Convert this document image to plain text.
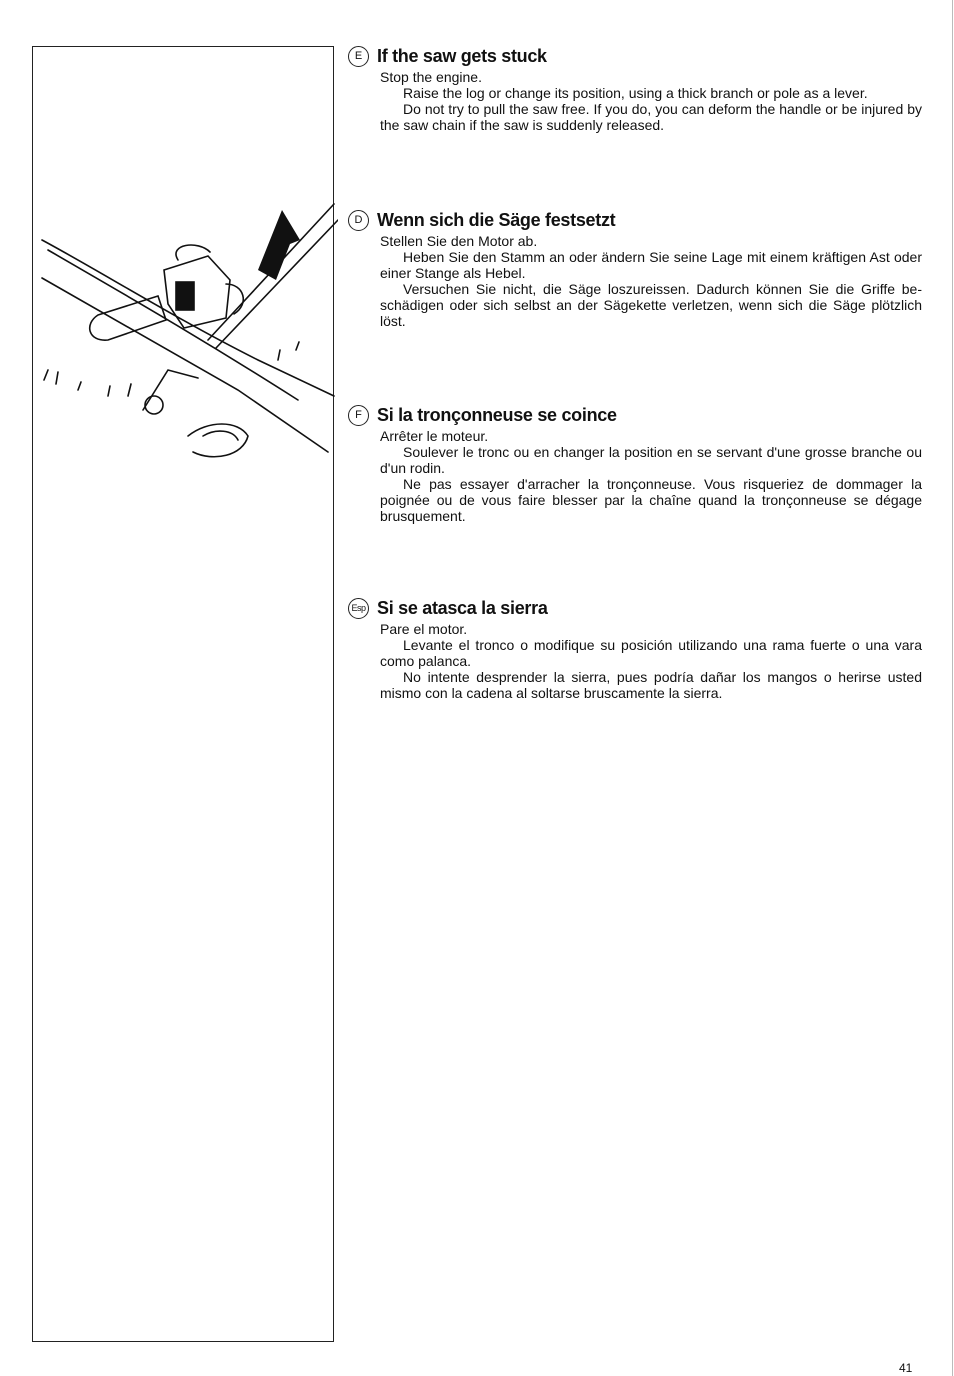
E If the saw gets stuck

Stop the engine.

Raise the log or change its position, using a thick branch or pole as a lever.

Do not try to pull the saw free. If you do, you can deform the handle or be injured by the saw chain if the saw is suddenly released.

D Wenn sich die Säge festsetzt

Stellen Sie den Motor ab.

Heben Sie den Stamm an oder ändern Sie seine Lage mit einem kräftigen Ast oder einer Stange als Hebel.

Versuchen Sie nicht, die Säge loszureissen. Dadurch können Sie die Griffe be-schädigen oder sich selbst an der Sägekette verletzen, wenn sich die Säge plötzlich löst.

F Si la tronçonneuse se coince

Arrêter le moteur.

Soulever le tronc ou en changer la position en se servant d'une grosse branche ou d'un rodin.

Ne pas essayer d'arracher la tronçonneuse. Vous risqueriez de dommager la poignée ou de vous faire blesser par la chaîne quand la tronçonneuse se dégage brusquement.

Esp Si se atasca la sierra

Pare el motor.

Levante el tronco o modifique su posición utilizando una rama fuerte o una vara como palanca.

No intente desprender la sierra, pues podría dañar los mangos o herirse usted mismo con la cadena al soltarse bruscamente la sierra.

41
